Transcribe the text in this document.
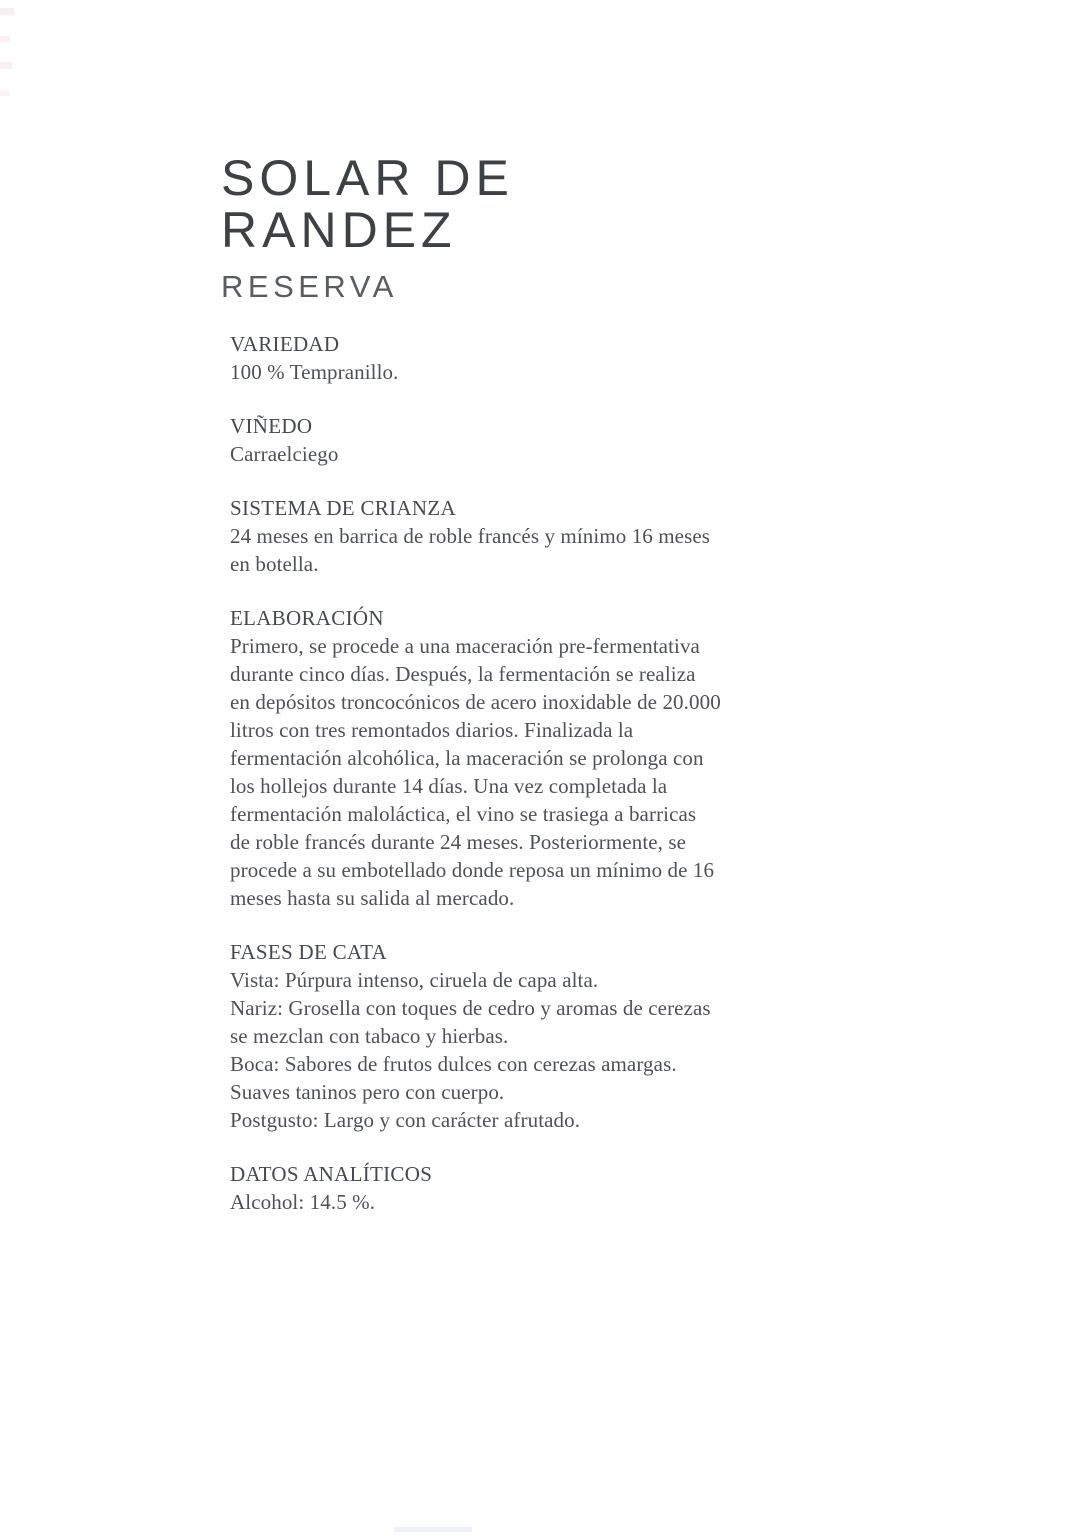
SOLAR DE
RANDEZ
RESERVA
VARIEDAD
100 % Tempranillo.
VIÑEDO
Carraelciego
SISTEMA DE CRIANZA
24 meses en barrica de roble francés y mínimo 16 meses
en botella.
ELABORACIÓN
Primero, se procede a una maceración pre-fermentativa
durante cinco días. Después, la fermentación se realiza
en depósitos troncocónicos de acero inoxidable de 20.000
litros con tres remontados diarios. Finalizada la
fermentación alcohólica, la maceración se prolonga con
los hollejos durante 14 días. Una vez completada la
fermentación maloláctica, el vino se trasiega a barricas
de roble francés durante 24 meses. Posteriormente, se
procede a su embotellado donde reposa un mínimo de 16
meses hasta su salida al mercado.
FASES DE CATA
Vista: Púrpura intenso, ciruela de capa alta.
Nariz: Grosella con toques de cedro y aromas de cerezas
se mezclan con tabaco y hierbas.
Boca: Sabores de frutos dulces con cerezas amargas.
Suaves taninos pero con cuerpo.
Postgusto: Largo y con carácter afrutado.
DATOS ANALÍTICOS
Alcohol: 14.5 %.
